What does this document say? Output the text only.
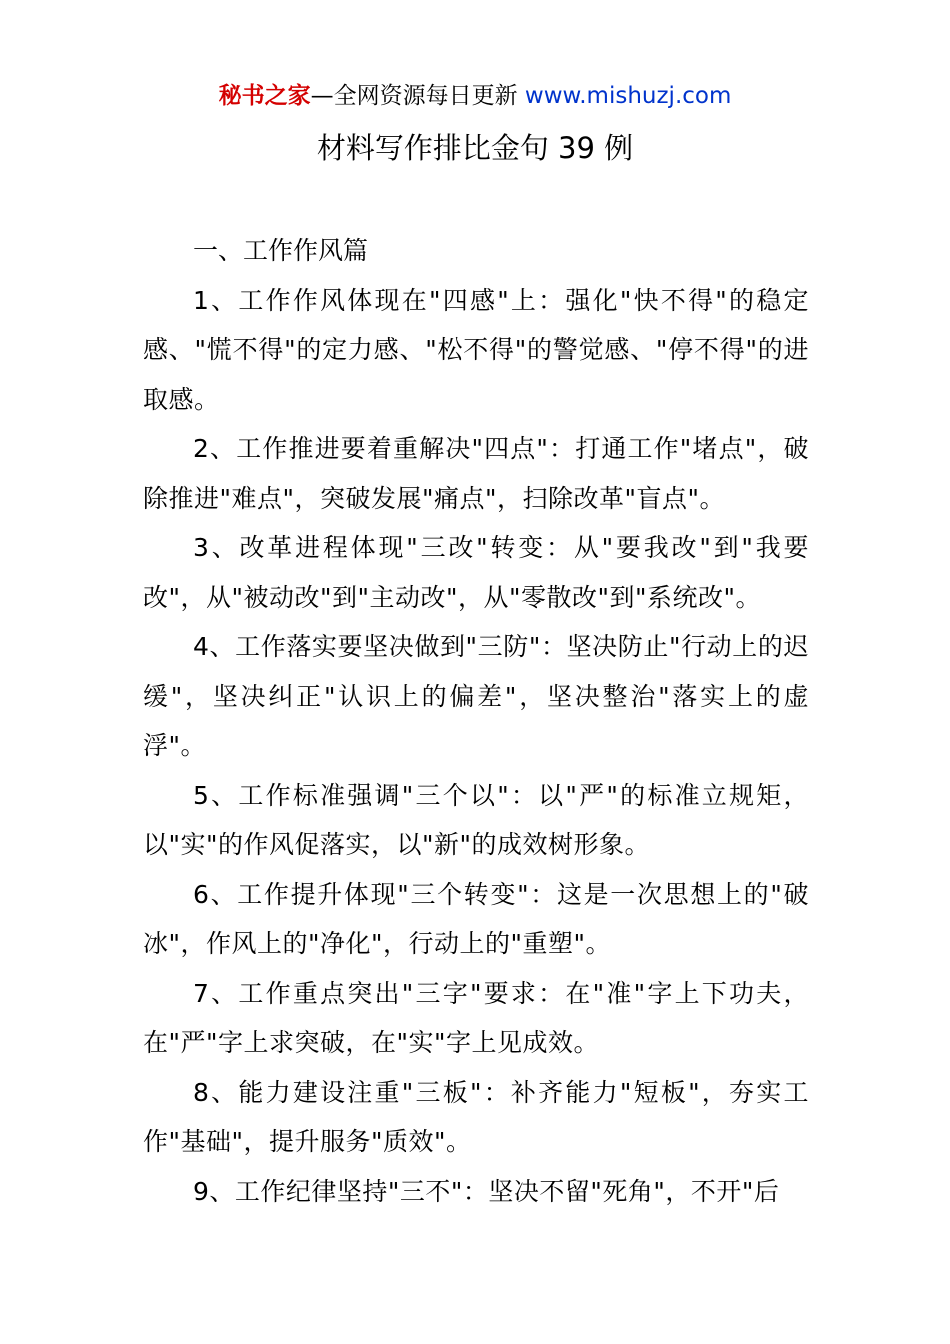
秘书之家—全网资源每日更新 www.mishuzj.com
材料写作排比金句 39 例

一、工作作风篇

1、工作作风体现在"四感"上：强化"快不得"的稳定感、"慌不得"的定力感、"松不得"的警觉感、"停不得"的进取感。

2、工作推进要着重解决"四点"：打通工作"堵点"，破除推进"难点"，突破发展"痛点"，扫除改革"盲点"。

3、改革进程体现"三改"转变：从"要我改"到"我要改"，从"被动改"到"主动改"，从"零散改"到"系统改"。

4、工作落实要坚决做到"三防"：坚决防止"行动上的迟缓"，坚决纠正"认识上的偏差"，坚决整治"落实上的虚浮"。

5、工作标准强调"三个以"：以"严"的标准立规矩，以"实"的作风促落实，以"新"的成效树形象。

6、工作提升体现"三个转变"：这是一次思想上的"破冰"，作风上的"净化"，行动上的"重塑"。

7、工作重点突出"三字"要求：在"准"字上下功夫，在"严"字上求突破，在"实"字上见成效。

8、能力建设注重"三板"：补齐能力"短板"，夯实工作"基础"，提升服务"质效"。

9、工作纪律坚持"三不"：坚决不留"死角"，不开"后
